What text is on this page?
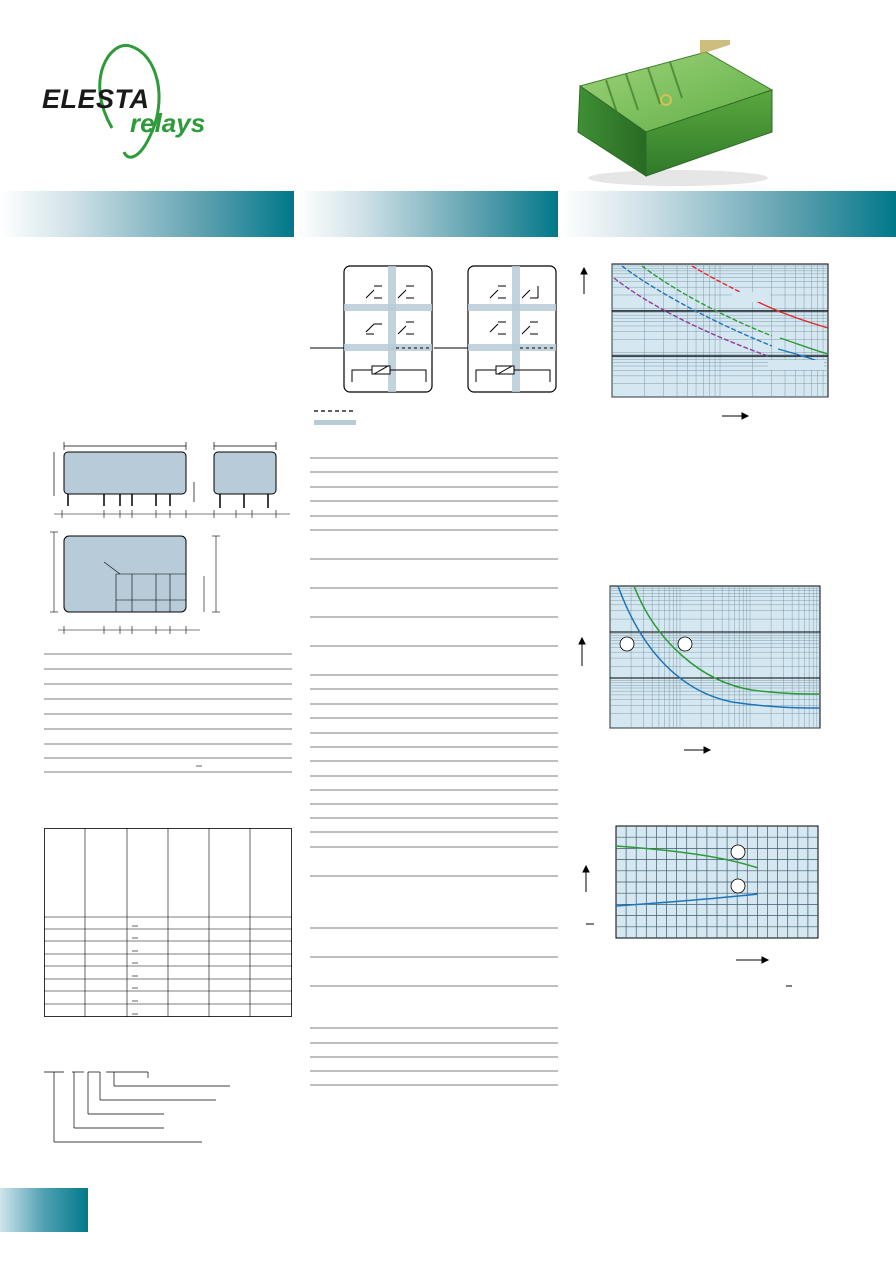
ELESTA
relays
